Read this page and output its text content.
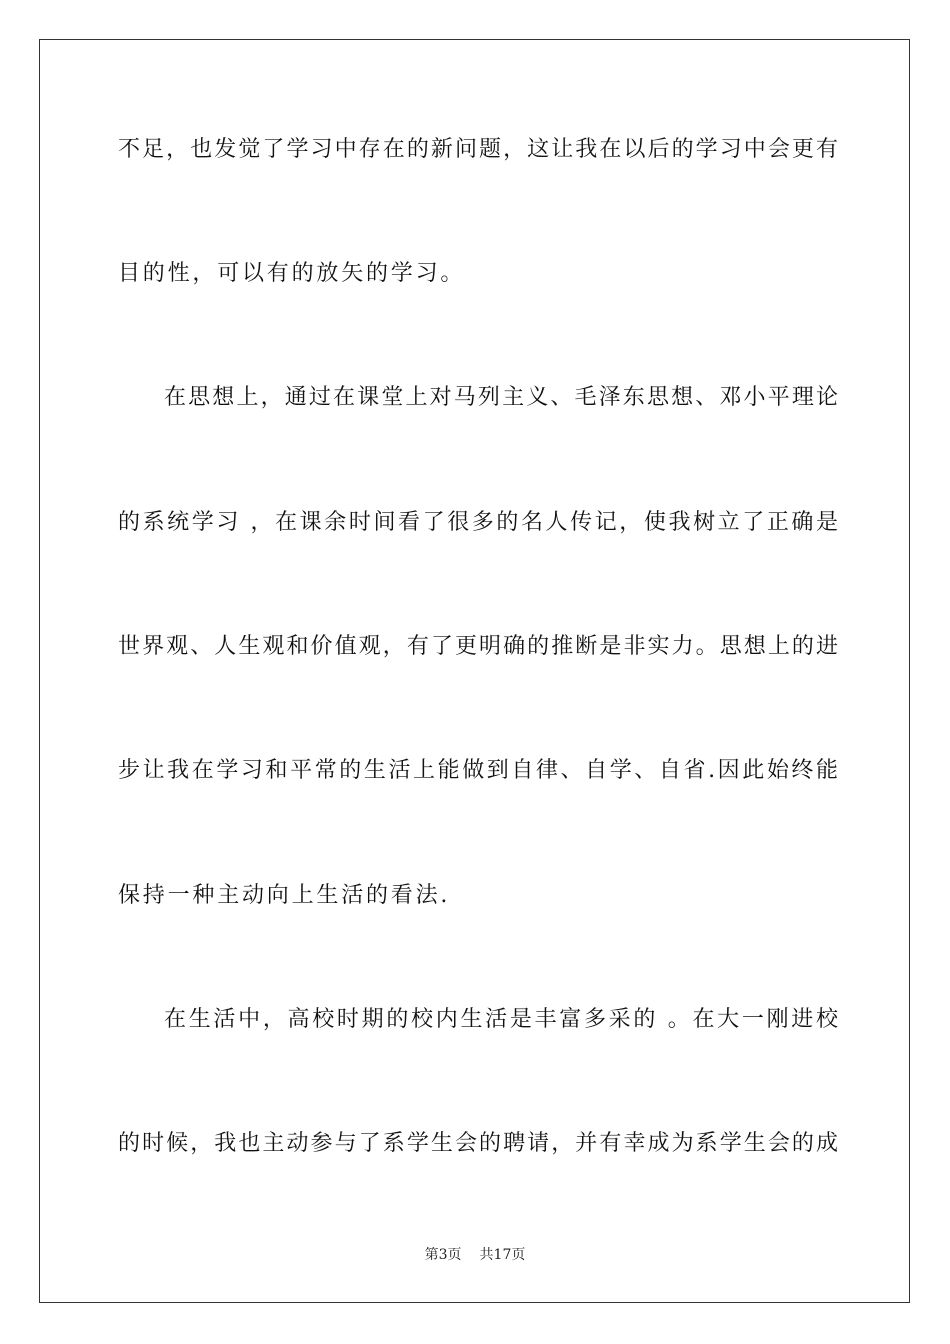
不足，也发觉了学习中存在的新问题，这让我在以后的学习中会更有
目的性，可以有的放矢的学习。
在思想上，通过在课堂上对马列主义、毛泽东思想、邓小平理论
的系统学习 ，在课余时间看了很多的名人传记，使我树立了正确是
世界观、人生观和价值观，有了更明确的推断是非实力。思想上的进
步让我在学习和平常的生活上能做到自律、自学、自省.因此始终能
保持一种主动向上生活的看法.
在生活中，高校时期的校内生活是丰富多采的 。在大一刚进校
的时候，我也主动参与了系学生会的聘请，并有幸成为系学生会的成
第3页 共17页
